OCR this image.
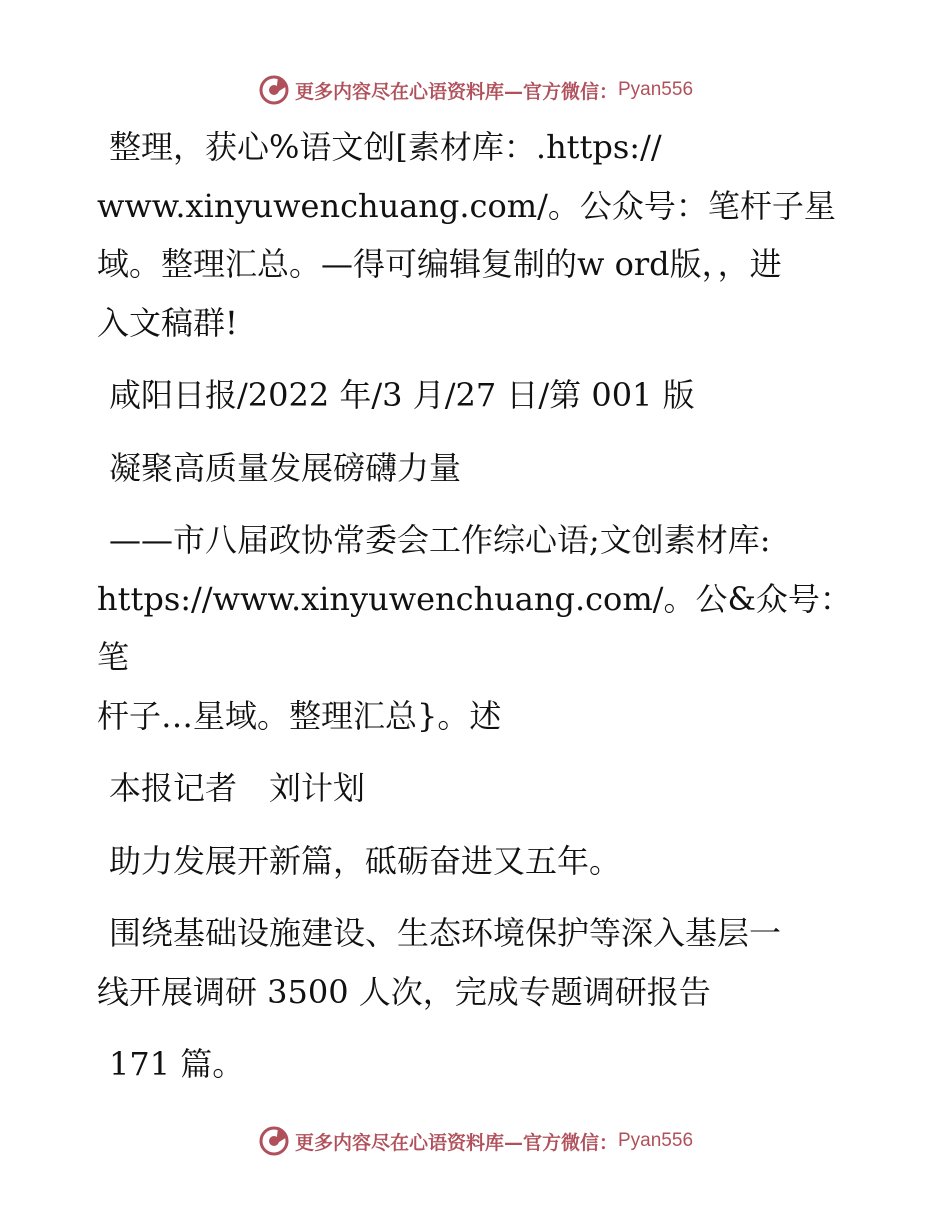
更多内容尽在心语资料库—官方微信： Pyan556
整理，获心%语文创[素材库：.https://
www.xinyuwenchuang.com/。公众号：笔杆子星
域。整理汇总。—得可编辑复制的w ord版，，进
入文稿群!
咸阳日报/2022 年/3 月/27 日/第 001 版
凝聚高质量发展磅礴力量
——市八届政协常委会工作综心语;文创素材库:
https://www.xinyuwenchuang.com/。公&众号：笔
杆子…星域。整理汇总}。述
本报记者　刘计划
助力发展开新篇，砥砺奋进又五年。
围绕基础设施建设、生态环境保护等深入基层一
线开展调研 3500 人次，完成专题调研报告
171 篇。
更多内容尽在心语资料库—官方微信： Pyan556
